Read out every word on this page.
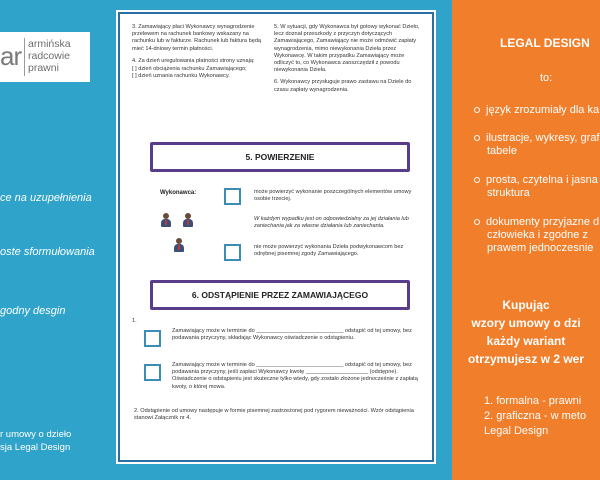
ar armińska
radcowie
prawni
ce na uzupełnienia
oste sformułowania
godny desgin
r umowy o dzieło
sja Legal Design

3. Zamawiający płaci Wykonawcy wynagrodzenie przelewem na rachunek bankowy wskazany na rachunku lub w fakturze. Rachunek lub faktura będą mieć 14-dniowy termin płatności.

4. Za dzień uregulowania płatności strony uznają:

[ ] dzień obciążenia rachunku Zamawiającego;
[ ] dzień uznania rachunku Wykonawcy.

5. W sytuacji, gdy Wykonawca był gotowy wykonać Dzieło, lecz doznał przeszkody z przyczyn dotyczących Zamawiającego, Zamawiający nie może odmówić zapłaty wynagrodzenia, mimo niewykonania Dzieła przez Wykonawcę. W takim przypadku Zamawiający może odliczyć to, co Wykonawca zaoszczędził z powodu niewykonania Dzieła.

6. Wykonawcy przysługuje prawo zastawu na Dziele do czasu zapłaty wynagrodzenia.

5. POWIERZENIE
Wykonawca:	może powierzyć wykonanie poszczególnych elementów umowy osobie trzeciej.
W każdym wypadku jest on odpowiedzialny za jej działania lub zaniechania jak za własne działania lub zaniechania.
nie może powierzyć wykonania Dzieła podwykonawcom bez odrębnej pisemnej zgody Zamawiającego.
6. ODSTĄPIENIE PRZEZ ZAMAWIAJĄCEGO
1.
Zamawiający może w terminie do ____________________________ odstąpić od tej umowy, bez podawania przyczyny, składając Wykonawcy oświadczenie o odstąpieniu.
Zamawiający może w terminie do ____________________________ odstąpić od tej umowy, bez podawania przyczyny, jeśli zapłaci Wykonawcy kwotę ____________________ (odstępne). Oświadczenie o odstąpieniu jest skuteczne tylko wtedy, gdy zostało złożone jednocześnie z zapłatą kwoty, o której mowa.
2. Odstąpienie od umowy następuje w formie pisemnej zastrzeżonej pod rygorem nieważności. Wzór odstąpienia stanowi Załącznik nr 4.
LEGAL DESIGN
to:
język zrozumiały dla ka
ilustracje, wykresy, graf
tabele
prosta, czytelna i jasna
struktura
dokumenty przyjazne d
człowieka i zgodne z
prawem jednoczesnie
Kupując
wzory umowy o dzi
każdy wariant
otrzymujesz w 2 wer
1. formalna - prawni
2. graficzna - w meto
Legal Design
